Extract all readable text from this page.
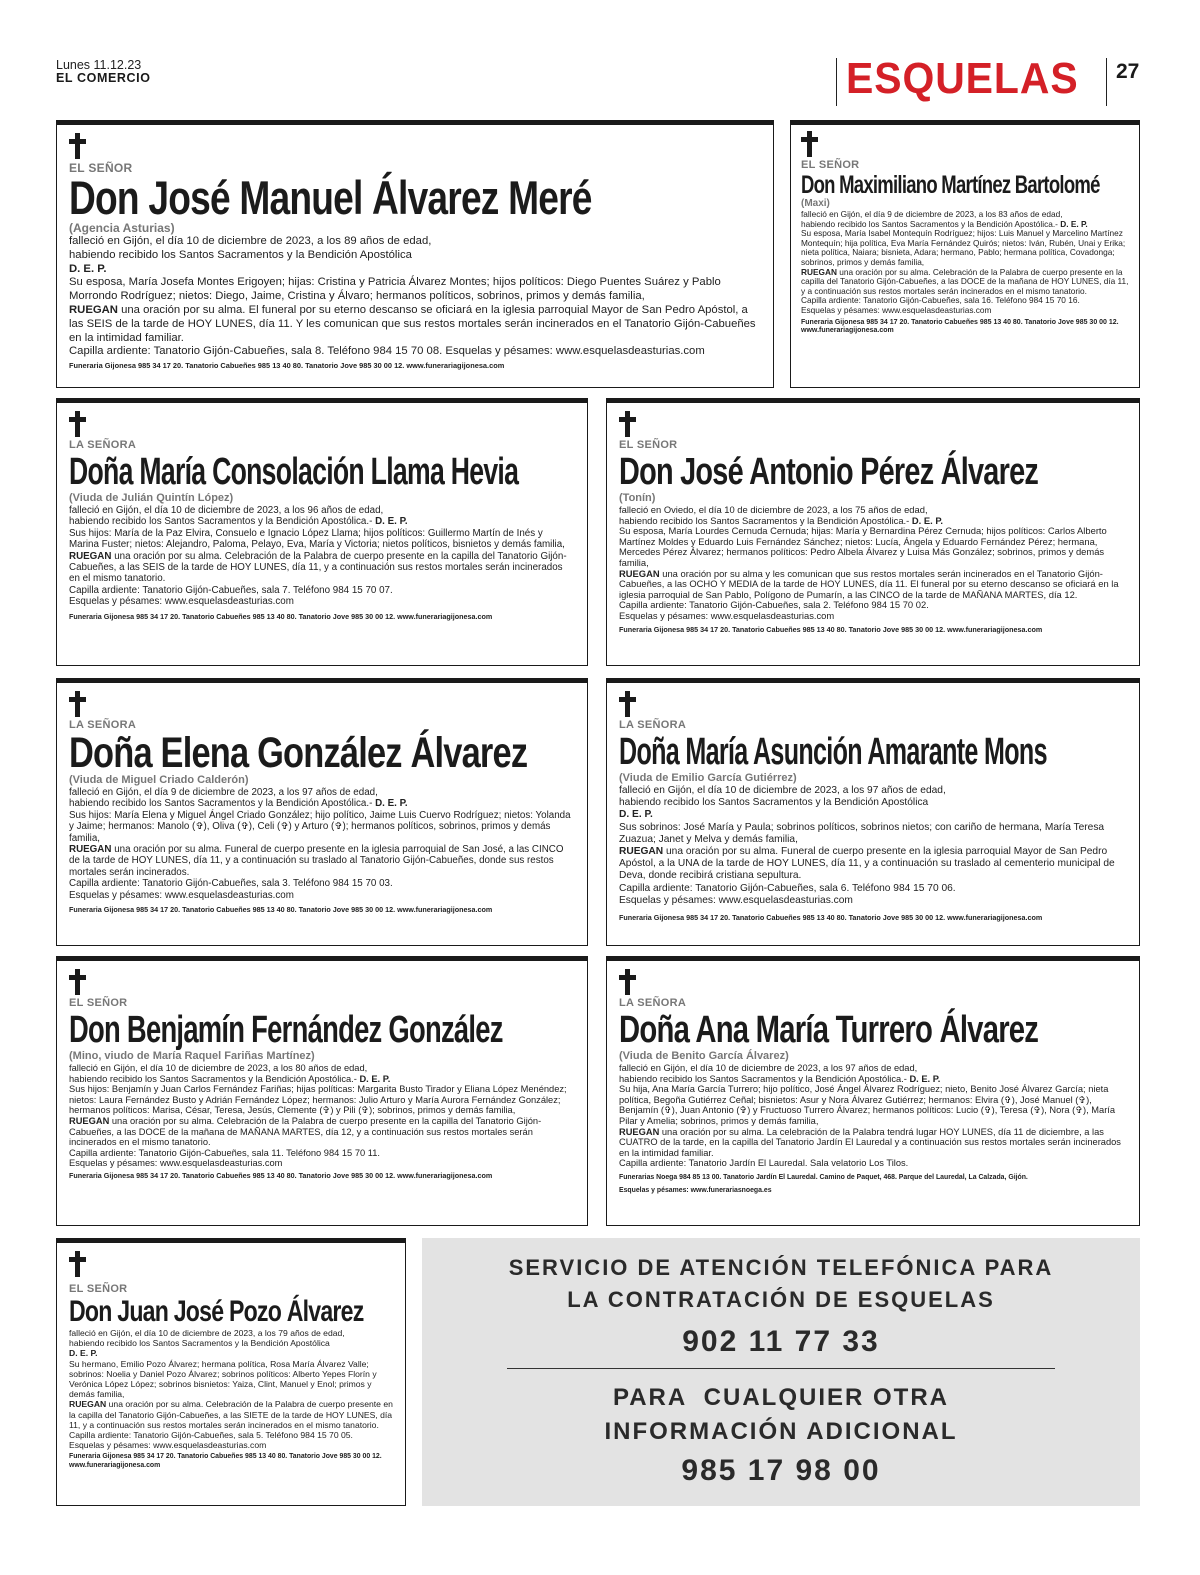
Lunes 11.12.23
EL COMERCIO	ESQUELAS 27
EL SEÑOR
Don José Manuel Álvarez Meré
(Agencia Asturias)

falleció en Gijón, el día 10 de diciembre de 2023, a los 89 años de edad,

habiendo recibido los Santos Sacramentos y la Bendición Apostólica

D. E. P.

Su esposa, María Josefa Montes Erigoyen; hijas: Cristina y Patricia Álvarez Montes; hijos políticos: Diego Puentes Suárez y Pablo Morrondo Rodríguez; nietos: Diego, Jaime, Cristina y Álvaro; hermanos políticos, sobrinos, primos y demás familia,

RUEGAN una oración por su alma. El funeral por su eterno descanso se oficiará en la iglesia parroquial Mayor de San Pedro Apóstol, a las SEIS de la tarde de HOY LUNES, día 11. Y les comunican que sus restos mortales serán incinerados en el Tanatorio Gijón-Cabueñes en la intimidad familiar.

Capilla ardiente: Tanatorio Gijón-Cabueñes, sala 8. Teléfono 984 15 70 08. Esquelas y pésames: www.esquelasdeasturias.com

Funeraria Gijonesa 985 34 17 20. Tanatorio Cabueñes 985 13 40 80. Tanatorio Jove 985 30 00 12. www.funerariagijonesa.com
EL SEÑOR
Don Maximiliano Martínez Bartolomé
(Maxi)

falleció en Gijón, el día 9 de diciembre de 2023, a los 83 años de edad,

habiendo recibido los Santos Sacramentos y la Bendición Apostólica.- D. E. P.

Su esposa, María Isabel Montequín Rodríguez; hijos: Luis Manuel y Marcelino Martínez Montequín; hija política, Eva María Fernández Quirós; nietos: Iván, Rubén, Unai y Erika; nieta política, Naiara; bisnieta, Adara; hermano, Pablo; hermana política, Covadonga; sobrinos, primos y demás familia,

RUEGAN una oración por su alma. Celebración de la Palabra de cuerpo presente en la capilla del Tanatorio Gijón-Cabueñes, a las DOCE de la mañana de HOY LUNES, día 11, y a continuación sus restos mortales serán incinerados en el mismo tanatorio.

Capilla ardiente: Tanatorio Gijón-Cabueñes, sala 16. Teléfono 984 15 70 16.

Esquelas y pésames: www.esquelasdeasturias.com

Funeraria Gijonesa 985 34 17 20. Tanatorio Cabueñes 985 13 40 80. Tanatorio Jove 985 30 00 12. www.funerariagijonesa.com
LA SEÑORA
Doña María Consolación Llama Hevia
(Viuda de Julián Quintín López)

falleció en Gijón, el día 10 de diciembre de 2023, a los 96 años de edad,

habiendo recibido los Santos Sacramentos y la Bendición Apostólica.- D. E. P.

Sus hijos: María de la Paz Elvira, Consuelo e Ignacio López Llama; hijos políticos: Guillermo Martín de Inés y Marina Fuster; nietos: Alejandro, Paloma, Pelayo, Eva, María y Victoria; nietos políticos, bisnietos y demás familia,

RUEGAN una oración por su alma. Celebración de la Palabra de cuerpo presente en la capilla del Tanatorio Gijón-Cabueñes, a las SEIS de la tarde de HOY LUNES, día 11, y a continuación sus restos mortales serán incinerados en el mismo tanatorio.

Capilla ardiente: Tanatorio Gijón-Cabueñes, sala 7. Teléfono 984 15 70 07.

Esquelas y pésames: www.esquelasdeasturias.com

Funeraria Gijonesa 985 34 17 20. Tanatorio Cabueñes 985 13 40 80. Tanatorio Jove 985 30 00 12. www.funerariagijonesa.com
EL SEÑOR
Don José Antonio Pérez Álvarez
(Tonín)

falleció en Oviedo, el día 10 de diciembre de 2023, a los 75 años de edad,

habiendo recibido los Santos Sacramentos y la Bendición Apostólica.- D. E. P.

Su esposa, María Lourdes Cernuda Cernuda; hijas: María y Bernardina Pérez Cernuda; hijos políticos: Carlos Alberto Martínez Moldes y Eduardo Luis Fernández Sánchez; nietos: Lucía, Ángela y Eduardo Fernández Pérez; hermana, Mercedes Pérez Álvarez; hermanos políticos: Pedro Albela Álvarez y Luisa Más González; sobrinos, primos y demás familia,

RUEGAN una oración por su alma y les comunican que sus restos mortales serán incinerados en el Tanatorio Gijón-Cabueñes, a las OCHO Y MEDIA de la tarde de HOY LUNES, día 11. El funeral por su eterno descanso se oficiará en la iglesia parroquial de San Pablo, Polígono de Pumarín, a las CINCO de la tarde de MAÑANA MARTES, día 12.

Capilla ardiente: Tanatorio Gijón-Cabueñes, sala 2. Teléfono 984 15 70 02.

Esquelas y pésames: www.esquelasdeasturias.com

Funeraria Gijonesa 985 34 17 20. Tanatorio Cabueñes 985 13 40 80. Tanatorio Jove 985 30 00 12. www.funerariagijonesa.com
LA SEÑORA
Doña Elena González Álvarez
(Viuda de Miguel Criado Calderón)

falleció en Gijón, el día 9 de diciembre de 2023, a los 97 años de edad,

habiendo recibido los Santos Sacramentos y la Bendición Apostólica.- D. E. P.

Sus hijos: María Elena y Miguel Ángel Criado González; hijo político, Jaime Luis Cuervo Rodríguez; nietos: Yolanda y Jaime; hermanos: Manolo (✞), Oliva (✞), Celi (✞) y Arturo (✞); hermanos políticos, sobrinos, primos y demás familia,

RUEGAN una oración por su alma. Funeral de cuerpo presente en la iglesia parroquial de San José, a las CINCO de la tarde de HOY LUNES, día 11, y a continuación su traslado al Tanatorio Gijón-Cabueñes, donde sus restos mortales serán incinerados.

Capilla ardiente: Tanatorio Gijón-Cabueñes, sala 3. Teléfono 984 15 70 03.

Esquelas y pésames: www.esquelasdeasturias.com

Funeraria Gijonesa 985 34 17 20. Tanatorio Cabueñes 985 13 40 80. Tanatorio Jove 985 30 00 12. www.funerariagijonesa.com
LA SEÑORA
Doña María Asunción Amarante Mons
(Viuda de Emilio García Gutiérrez)

falleció en Gijón, el día 10 de diciembre de 2023, a los 97 años de edad,

habiendo recibido los Santos Sacramentos y la Bendición Apostólica

D. E. P.

Sus sobrinos: José María y Paula; sobrinos políticos, sobrinos nietos; con cariño de hermana, María Teresa Zuazua; Janet y Melva y demás familia,

RUEGAN una oración por su alma. Funeral de cuerpo presente en la iglesia parroquial Mayor de San Pedro Apóstol, a la UNA de la tarde de HOY LUNES, día 11, y a continuación su traslado al cementerio municipal de Deva, donde recibirá cristiana sepultura.

Capilla ardiente: Tanatorio Gijón-Cabueñes, sala 6. Teléfono 984 15 70 06.

Esquelas y pésames: www.esquelasdeasturias.com

Funeraria Gijonesa 985 34 17 20. Tanatorio Cabueñes 985 13 40 80. Tanatorio Jove 985 30 00 12. www.funerariagijonesa.com
EL SEÑOR
Don Benjamín Fernández González
(Mino, viudo de María Raquel Fariñas Martínez)

falleció en Gijón, el día 10 de diciembre de 2023, a los 80 años de edad,

habiendo recibido los Santos Sacramentos y la Bendición Apostólica.- D. E. P.

Sus hijos: Benjamín y Juan Carlos Fernández Fariñas; hijas políticas: Margarita Busto Tirador y Eliana López Menéndez; nietos: Laura Fernández Busto y Adrián Fernández López; hermanos: Julio Arturo y María Aurora Fernández González; hermanos políticos: Marisa, César, Teresa, Jesús, Clemente (✞) y Pili (✞); sobrinos, primos y demás familia,

RUEGAN una oración por su alma. Celebración de la Palabra de cuerpo presente en la capilla del Tanatorio Gijón-Cabueñes, a las DOCE de la mañana de MAÑANA MARTES, día 12, y a continuación sus restos mortales serán incinerados en el mismo tanatorio.

Capilla ardiente: Tanatorio Gijón-Cabueñes, sala 11. Teléfono 984 15 70 11.

Esquelas y pésames: www.esquelasdeasturias.com

Funeraria Gijonesa 985 34 17 20. Tanatorio Cabueñes 985 13 40 80. Tanatorio Jove 985 30 00 12. www.funerariagijonesa.com
LA SEÑORA
Doña Ana María Turrero Álvarez
(Viuda de Benito García Álvarez)

falleció en Gijón, el día 10 de diciembre de 2023, a los 97 años de edad,

habiendo recibido los Santos Sacramentos y la Bendición Apostólica.- D. E. P.

Su hija, Ana María García Turrero; hijo político, José Ángel Álvarez Rodríguez; nieto, Benito José Álvarez García; nieta política, Begoña Gutiérrez Ceñal; bisnietos: Asur y Nora Álvarez Gutiérrez; hermanos: Elvira (✞), José Manuel (✞), Benjamín (✞), Juan Antonio (✞) y Fructuoso Turrero Álvarez; hermanos políticos: Lucio (✞), Teresa (✞), Nora (✞), María Pilar y Amelia; sobrinos, primos y demás familia,

RUEGAN una oración por su alma. La celebración de la Palabra tendrá lugar HOY LUNES, día 11 de diciembre, a las CUATRO de la tarde, en la capilla del Tanatorio Jardín El Lauredal y a continuación sus restos mortales serán incinerados en la intimidad familiar.

Capilla ardiente: Tanatorio Jardín El Lauredal. Sala velatorio Los Tilos.

Funerarias Noega 984 85 13 00. Tanatorio Jardín El Lauredal. Camino de Paquet, 468. Parque del Lauredal, La Calzada, Gijón.
Esquelas y pésames: www.funerariasnoega.es
EL SEÑOR
Don Juan José Pozo Álvarez

falleció en Gijón, el día 10 de diciembre de 2023, a los 79 años de edad,

habiendo recibido los Santos Sacramentos y la Bendición Apostólica

D. E. P.

Su hermano, Emilio Pozo Álvarez; hermana política, Rosa María Álvarez Valle; sobrinos: Noelia y Daniel Pozo Álvarez; sobrinos políticos: Alberto Yepes Florín y Verónica López López; sobrinos bisnietos: Yaiza, Clint, Manuel y Enol; primos y demás familia,

RUEGAN una oración por su alma. Celebración de la Palabra de cuerpo presente en la capilla del Tanatorio Gijón-Cabueñes, a las SIETE de la tarde de HOY LUNES, día 11, y a continuación sus restos mortales serán incinerados en el mismo tanatorio.

Capilla ardiente: Tanatorio Gijón-Cabueñes, sala 5. Teléfono 984 15 70 05.

Esquelas y pésames: www.esquelasdeasturias.com

Funeraria Gijonesa 985 34 17 20. Tanatorio Cabueñes 985 13 40 80. Tanatorio Jove 985 30 00 12. www.funerariagijonesa.com
SERVICIO DE ATENCIÓN TELEFÓNICA PARA
LA CONTRATACIÓN DE ESQUELAS
902 11 77 33
PARA  CUALQUIER OTRA
INFORMACIÓN ADICIONAL
985 17 98 00
